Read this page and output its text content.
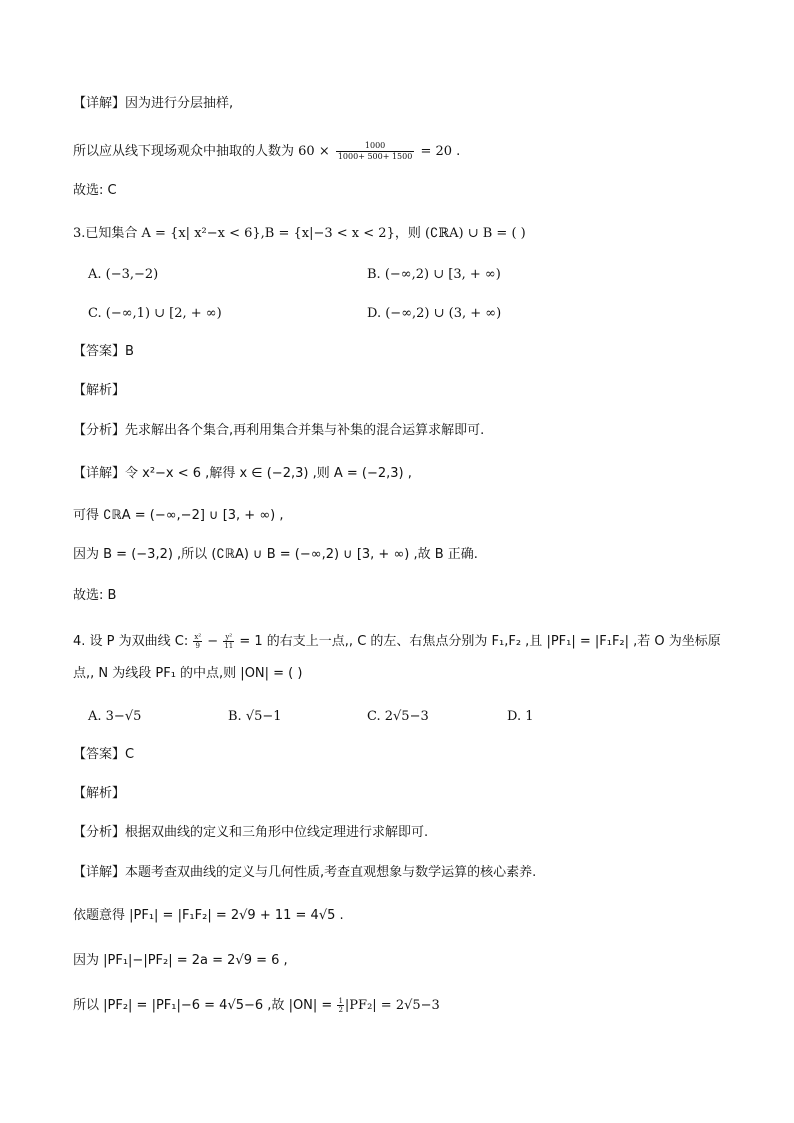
【详解】因为进行分层抽样,
所以应从线下现场观众中抽取的人数为 $60 \times \frac{1000}{1000+ 500+ 1500} = 20$ .
故选: C
3.已知集合 A = {x| x²−x < 6},B = {x|−3 < x < 2}，则 (∁ℝA) ∪ B = ( )
A. (−3,−2)	B. (−∞,2) ∪ [3, + ∞)
C. (−∞,1) ∪ [2, + ∞)	D. (−∞,2) ∪ (3, + ∞)
【答案】B
【解析】
【分析】先求解出各个集合,再利用集合并集与补集的混合运算求解即可.
【详解】令 x²−x < 6 ,解得 x ∈ (−2,3) ,则 A = (−2,3) ,
可得 ∁ℝA = (−∞,−2] ∪ [3, + ∞) ,
因为 B = (−3,2) ,所以 (∁ℝA) ∪ B = (−∞,2) ∪ [3, + ∞) ,故 B 正确.
故选: B
4. 设 P 为双曲线 C: $\frac{\text{x²}}{9} - \frac{\text{y²}}{11} = 1$ 的右支上一点,, C 的左、右焦点分别为 F₁,F₂ ,且 |PF₁| = |F₁F₂| ,若 O 为坐标原
点,, N 为线段 PF₁ 的中点,则 |ON| = ( )
A. 3−√5	B. √5−1	C. 2√5−3	D. 1
【答案】C
【解析】
【分析】根据双曲线的定义和三角形中位线定理进行求解即可.
【详解】本题考查双曲线的定义与几何性质,考查直观想象与数学运算的核心素养.
依题意得 |PF₁| = |F₁F₂| = 2√9 + 11 = 4√5 .
因为 |PF₁|−|PF₂| = 2a = 2√9 = 6 ,
所以 |PF₂| = |PF₁|−6 = 4√5−6 ,故 $|ON| = \frac{1}{2} |PF_2| = 2√5-3$
